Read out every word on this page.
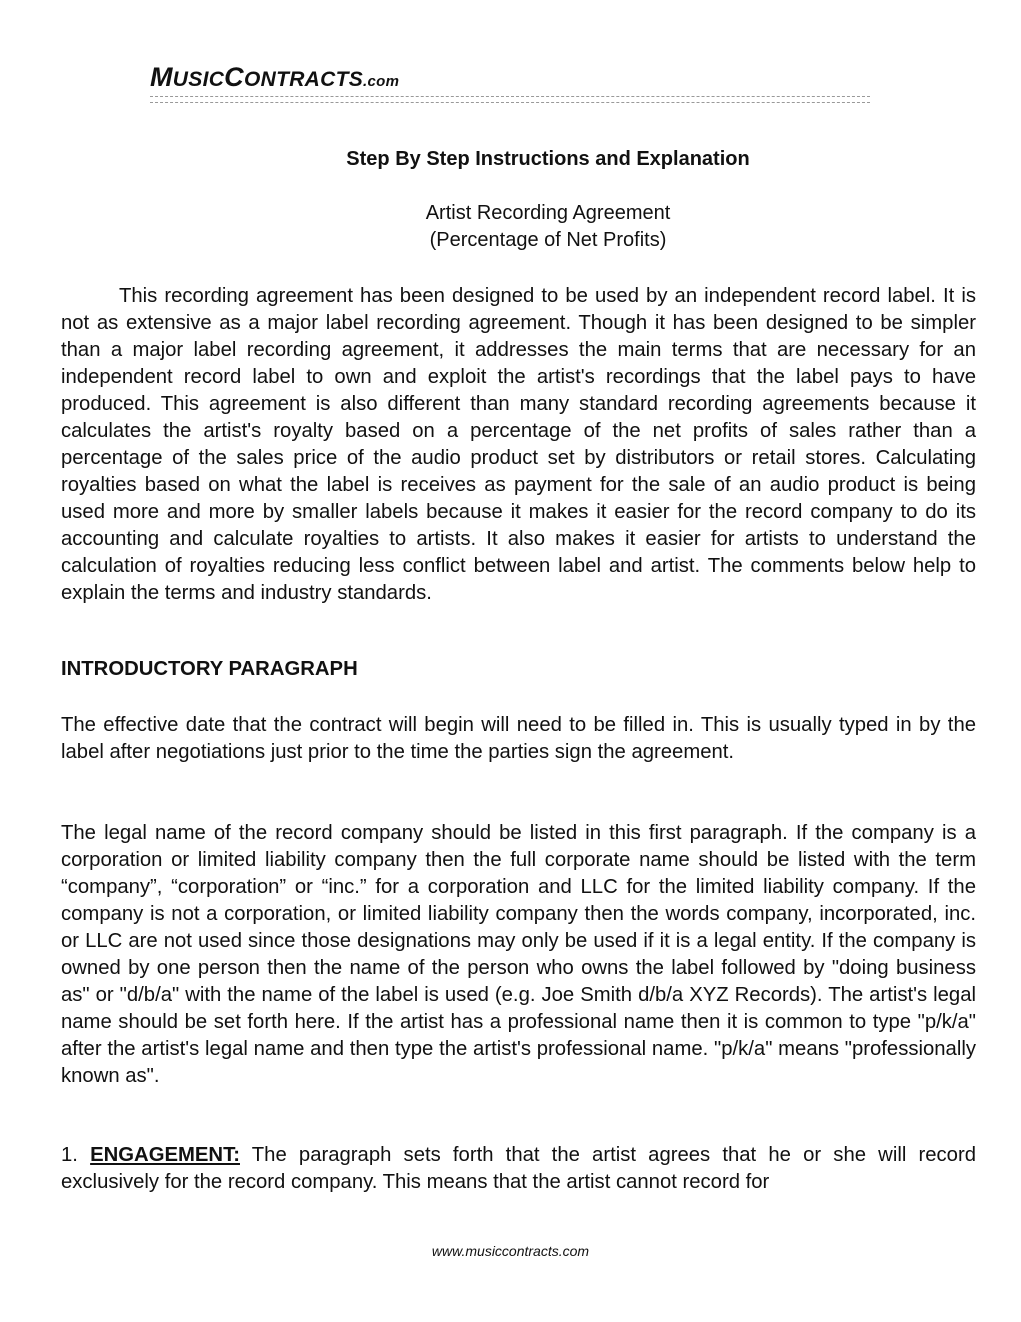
MUSICCONTRACTS.com
Step By Step Instructions and Explanation
Artist Recording Agreement
(Percentage of Net Profits)

This recording agreement has been designed to be used by an independent record label. It is not as extensive as a major label recording agreement. Though it has been designed to be simpler than a major label recording agreement, it addresses the main terms that are necessary for an independent record label to own and exploit the artist's recordings that the label pays to have produced. This agreement is also different than many standard recording agreements because it calculates the artist's royalty based on a percentage of the net profits of sales rather than a percentage of the sales price of the audio product set by distributors or retail stores. Calculating royalties based on what the label is receives as payment for the sale of an audio product is being used more and more by smaller labels because it makes it easier for the record company to do its accounting and calculate royalties to artists. It also makes it easier for artists to understand the calculation of royalties reducing less conflict between label and artist. The comments below help to explain the terms and industry standards.

INTRODUCTORY PARAGRAPH

The effective date that the contract will begin will need to be filled in. This is usually typed in by the label after negotiations just prior to the time the parties sign the agreement.

The legal name of the record company should be listed in this first paragraph. If the company is a corporation or limited liability company then the full corporate name should be listed with the term “company”, “corporation” or “inc.” for a corporation and LLC for the limited liability company. If the company is not a corporation, or limited liability company then the words company, incorporated, inc. or LLC are not used since those designations may only be used if it is a legal entity. If the company is owned by one person then the name of the person who owns the label followed by "doing business as" or "d/b/a" with the name of the label is used (e.g. Joe Smith d/b/a XYZ Records). The artist's legal name should be set forth here. If the artist has a professional name then it is common to type "p/k/a" after the artist's legal name and then type the artist's professional name. "p/k/a" means "professionally known as".

1. ENGAGEMENT: The paragraph sets forth that the artist agrees that he or she will record exclusively for the record company. This means that the artist cannot record for

www.musiccontracts.com
